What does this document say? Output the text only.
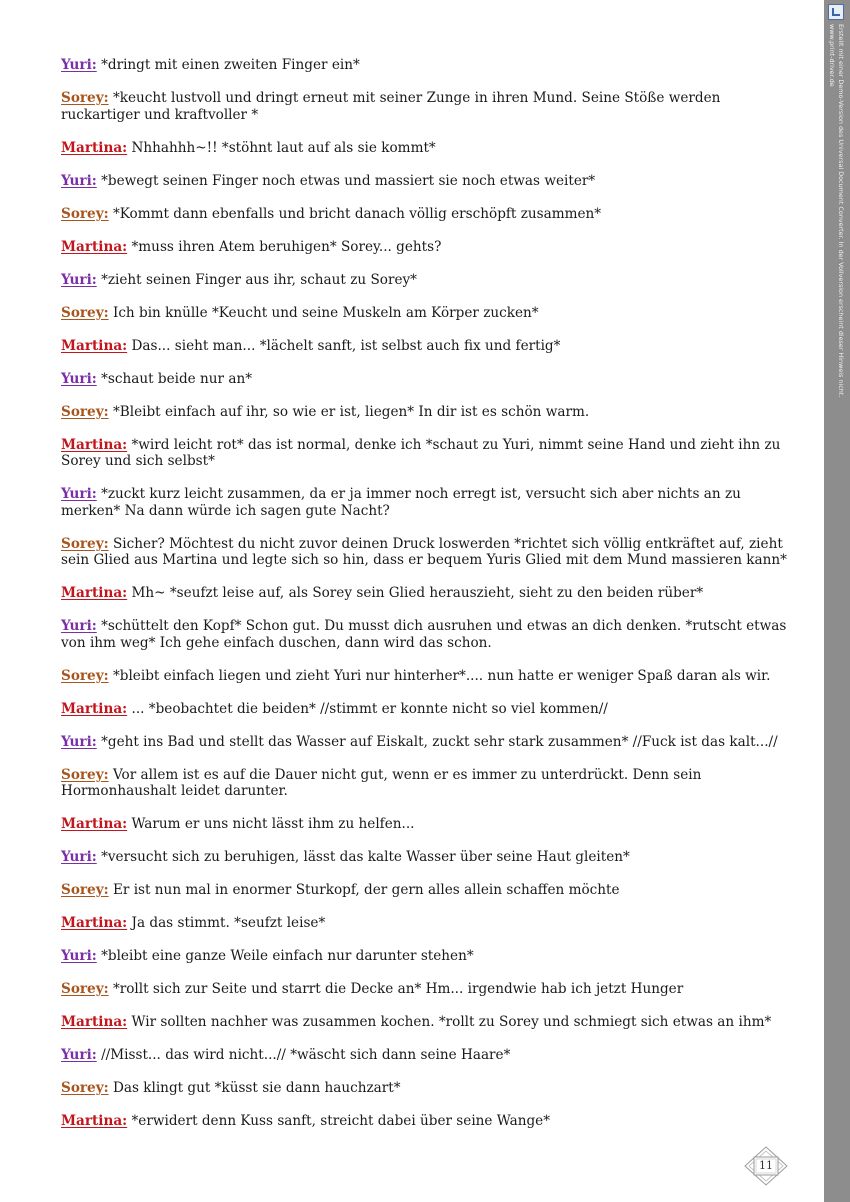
Yuri: *dringt mit einen zweiten Finger ein*

Sorey: *keucht lustvoll und dringt erneut mit seiner Zunge in ihren Mund. Seine Stöße werden ruckartiger und kraftvoller *

Martina: Nhhahhh~!! *stöhnt laut auf als sie kommt*

Yuri: *bewegt seinen Finger noch etwas und massiert sie noch etwas weiter*

Sorey: *Kommt dann ebenfalls und bricht danach völlig erschöpft zusammen*

Martina: *muss ihren Atem beruhigen* Sorey... gehts?

Yuri: *zieht seinen Finger aus ihr, schaut zu Sorey*

Sorey: Ich bin knülle *Keucht und seine Muskeln am Körper zucken*

Martina: Das... sieht man... *lächelt sanft, ist selbst auch fix und fertig*

Yuri: *schaut beide nur an*

Sorey: *Bleibt einfach auf ihr, so wie er ist, liegen* In dir ist es schön warm.

Martina: *wird leicht rot* das ist normal, denke ich *schaut zu Yuri, nimmt seine Hand und zieht ihn zu Sorey und sich selbst*

Yuri: *zuckt kurz leicht zusammen, da er ja immer noch erregt ist, versucht sich aber nichts an zu merken* Na dann würde ich sagen gute Nacht?

Sorey: Sicher? Möchtest du nicht zuvor deinen Druck loswerden *richtet sich völlig entkräftet auf, zieht sein Glied aus Martina und legte sich so hin, dass er bequem Yuris Glied mit dem Mund massieren kann*

Martina: Mh~ *seufzt leise auf, als Sorey sein Glied herauszieht, sieht zu den beiden rüber*

Yuri: *schüttelt den Kopf* Schon gut. Du musst dich ausruhen und etwas an dich denken. *rutscht etwas von ihm weg* Ich gehe einfach duschen, dann wird das schon.

Sorey: *bleibt einfach liegen und zieht Yuri nur hinterher*.... nun hatte er weniger Spaß daran als wir.

Martina: ... *beobachtet die beiden* //stimmt er konnte nicht so viel kommen//

Yuri: *geht ins Bad und stellt das Wasser auf Eiskalt, zuckt sehr stark zusammen* //Fuck ist das kalt...//

Sorey: Vor allem ist es auf die Dauer nicht gut, wenn er es immer zu unterdrückt. Denn sein Hormonhaushalt leidet darunter.

Martina: Warum er uns nicht lässt ihm zu helfen...

Yuri: *versucht sich zu beruhigen, lässt das kalte Wasser über seine Haut gleiten*

Sorey: Er ist nun mal in enormer Sturkopf, der gern alles allein schaffen möchte

Martina: Ja das stimmt. *seufzt leise*

Yuri: *bleibt eine ganze Weile einfach nur darunter stehen*

Sorey: *rollt sich zur Seite und starrt die Decke an* Hm... irgendwie hab ich jetzt Hunger

Martina: Wir sollten nachher was zusammen kochen. *rollt zu Sorey und schmiegt sich etwas an ihm*

Yuri: //Misst... das wird nicht...// *wäscht sich dann seine Haare*

Sorey: Das klingt gut *küsst sie dann hauchzart*

Martina: *erwidert denn Kuss sanft, streicht dabei über seine Wange*

Erstellt mit einer Demo-Version des Universal Document Converter. In der Vollversion erscheint dieser Hinweis nicht.
www.print-driver.de
11
